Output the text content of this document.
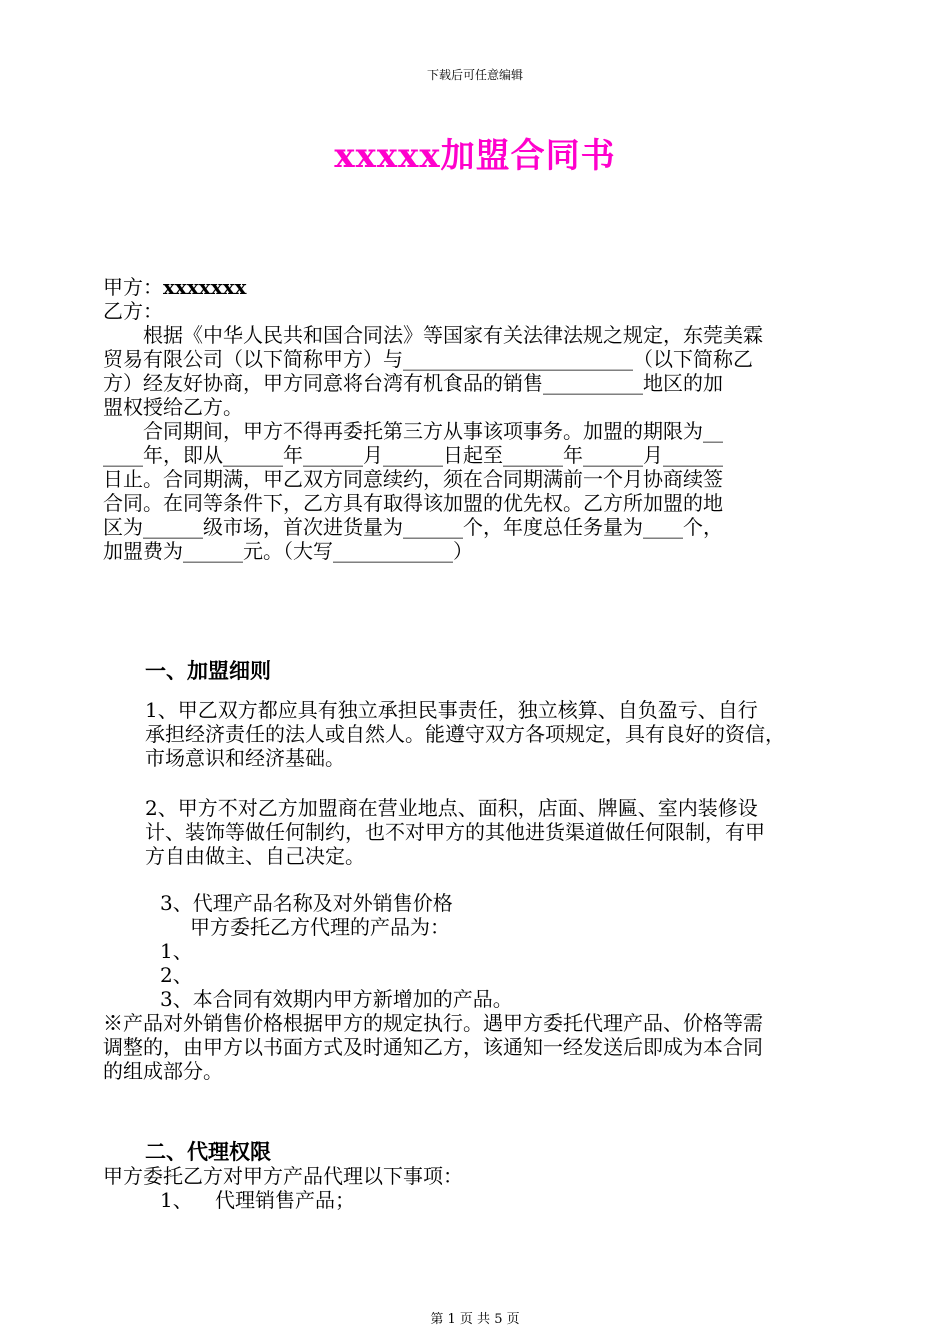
下载后可任意编辑
xxxxx加盟合同书
甲方：xxxxxxx
乙方：
根据《中华人民共和国合同法》等国家有关法律法规之规定，东莞美霖
贸易有限公司（以下简称甲方）与_______________________（以下简称乙
方）经友好协商，甲方同意将台湾有机食品的销售__________地区的加
盟权授给乙方。
合同期间，甲方不得再委托第三方从事该项事务。加盟的期限为__
____年，即从______年______月______日起至______年______月______
日止。合同期满，甲乙双方同意续约，须在合同期满前一个月协商续签
合同。在同等条件下，乙方具有取得该加盟的优先权。乙方所加盟的地
区为______级市场，首次进货量为______个，年度总任务量为____个，
加盟费为______元。（大写____________）
一、加盟细则
1、甲乙双方都应具有独立承担民事责任，独立核算、自负盈亏、自行
承担经济责任的法人或自然人。能遵守双方各项规定，具有良好的资信，
市场意识和经济基础。
2、甲方不对乙方加盟商在营业地点、面积，店面、牌匾、室内装修设
计、装饰等做任何制约，也不对甲方的其他进货渠道做任何限制，有甲
方自由做主、自己决定。
3、代理产品名称及对外销售价格
甲方委托乙方代理的产品为：
1、
2、
3、本合同有效期内甲方新增加的产品。
※产品对外销售价格根据甲方的规定执行。遇甲方委托代理产品、价格等需
调整的，由甲方以书面方式及时通知乙方，该通知一经发送后即成为本合同
的组成部分。
二、代理权限
甲方委托乙方对甲方产品代理以下事项：
1、 代理销售产品；
第 1 页 共 5 页
